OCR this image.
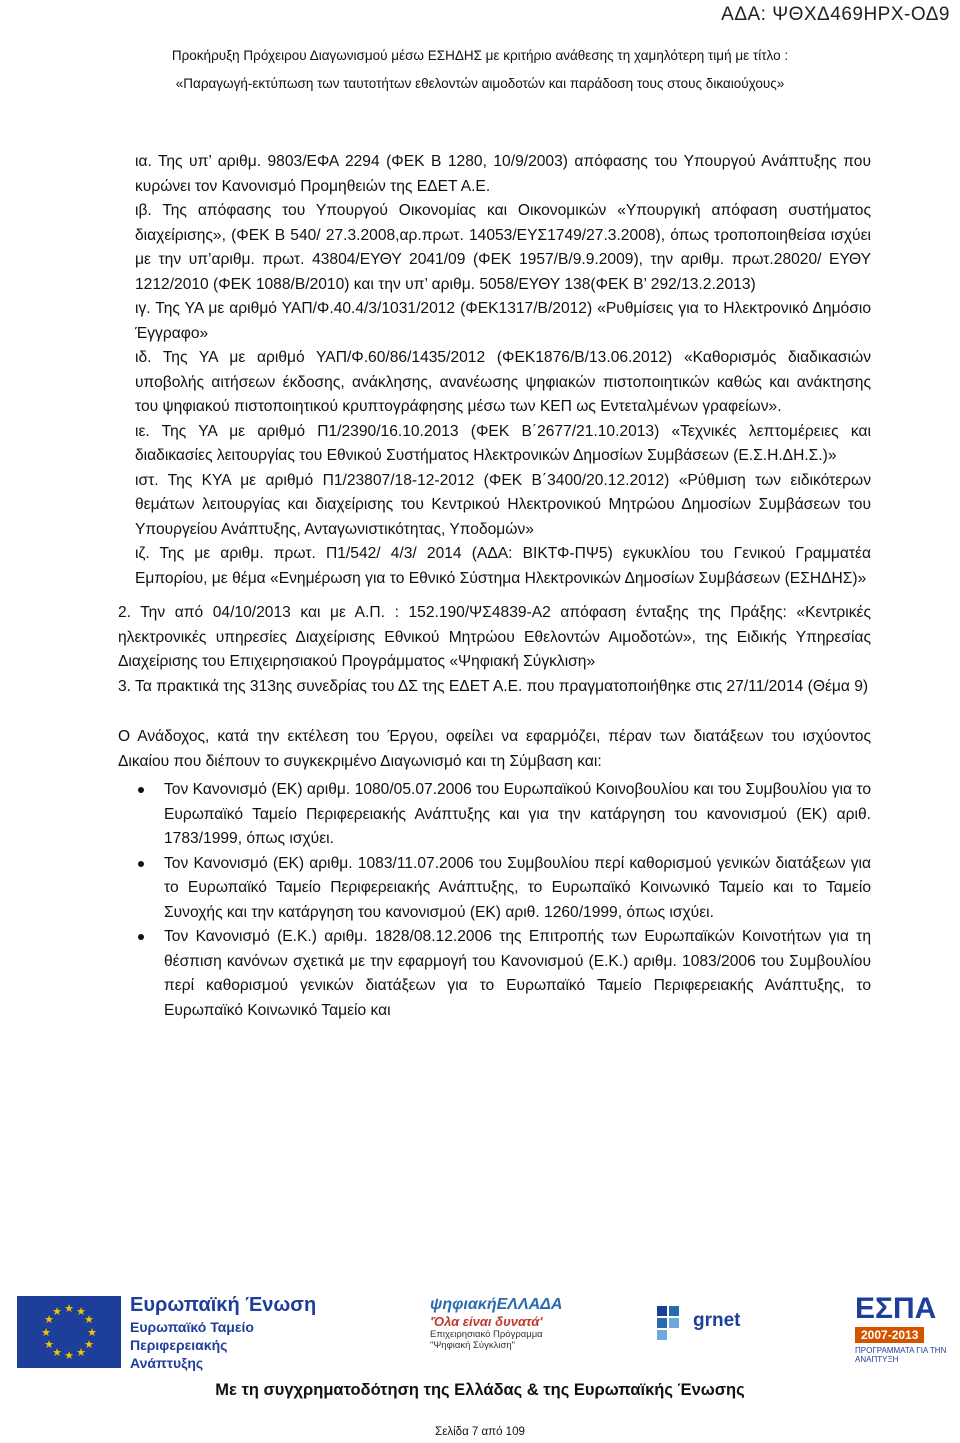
ΑΔΑ: ΨΘΧΔ469ΗΡΧ-ΟΔ9
Προκήρυξη Πρόχειρου Διαγωνισμού μέσω ΕΣΗΔΗΣ με κριτήριο ανάθεσης τη χαμηλότερη τιμή με τίτλο :
«Παραγωγή-εκτύπωση των ταυτοτήτων εθελοντών αιμοδοτών και παράδοση τους στους δικαιούχους»

ια. Της υπ’ αριθμ. 9803/ΕΦΑ 2294 (ΦΕΚ Β 1280, 10/9/2003) απόφασης του Υπουργού Ανάπτυξης που κυρώνει τον Κανονισμό Προμηθειών της ΕΔΕΤ Α.Ε.

ιβ. Της απόφασης του Υπουργού Οικονομίας και Οικονομικών «Υπουργική απόφαση συστήματος διαχείρισης», (ΦΕΚ Β 540/ 27.3.2008,αρ.πρωτ. 14053/ΕΥΣ1749/27.3.2008), όπως τροποποιηθείσα ισχύει με την υπ’αριθμ. πρωτ. 43804/ΕΥΘΥ 2041/09 (ΦΕΚ 1957/Β/9.9.2009), την αριθμ. πρωτ.28020/ ΕΥΘΥ 1212/2010 (ΦΕΚ 1088/Β/2010) και την υπ’ αριθμ. 5058/ΕΥΘΥ 138(ΦΕΚ Β’ 292/13.2.2013)

ιγ. Της ΥΑ με αριθμό ΥΑΠ/Φ.40.4/3/1031/2012 (ΦΕΚ1317/Β/2012) «Ρυθμίσεις για το Ηλεκτρονικό Δημόσιο Έγγραφο»

ιδ. Της ΥΑ με αριθμό ΥΑΠ/Φ.60/86/1435/2012 (ΦΕΚ1876/Β/13.06.2012) «Καθορισμός διαδικασιών υποβολής αιτήσεων έκδοσης, ανάκλησης, ανανέωσης ψηφιακών πιστοποιητικών καθώς και ανάκτησης του ψηφιακού πιστοποιητικού κρυπτογράφησης μέσω των ΚΕΠ ως Εντεταλμένων γραφείων».

ιε. Της ΥΑ με αριθμό Π1/2390/16.10.2013 (ΦΕΚ Β΄2677/21.10.2013) «Τεχνικές λεπτομέρειες και διαδικασίες λειτουργίας του Εθνικού Συστήματος Ηλεκτρονικών Δημοσίων Συμβάσεων (Ε.Σ.Η.ΔΗ.Σ.)»

ιστ. Της ΚΥΑ με αριθμό Π1/23807/18-12-2012 (ΦΕΚ Β΄3400/20.12.2012) «Ρύθμιση των ειδικότερων θεμάτων λειτουργίας και διαχείρισης του Κεντρικού Ηλεκτρονικού Μητρώου Δημοσίων Συμβάσεων του Υπουργείου Ανάπτυξης, Ανταγωνιστικότητας, Υποδομών»

ιζ. Της με αριθμ. πρωτ. Π1/542/ 4/3/ 2014 (ΑΔΑ: ΒΙΚΤΦ-ΠΨ5) εγκυκλίου του Γενικού Γραμματέα Εμπορίου, με θέμα «Ενημέρωση για το Εθνικό Σύστημα Ηλεκτρονικών Δημοσίων Συμβάσεων (ΕΣΗΔΗΣ)»

2. Την από 04/10/2013 και με Α.Π. : 152.190/ΨΣ4839-Α2 απόφαση ένταξης της Πράξης: «Κεντρικές ηλεκτρονικές υπηρεσίες Διαχείρισης Εθνικού Μητρώου Εθελοντών Αιμοδοτών», της Ειδικής Υπηρεσίας Διαχείρισης του Επιχειρησιακού Προγράμματος «Ψηφιακή Σύγκλιση»

3. Τα πρακτικά της 313ης συνεδρίας του ΔΣ της ΕΔΕΤ Α.Ε. που πραγματοποιήθηκε στις 27/11/2014 (Θέμα 9)

Ο Ανάδοχος, κατά την εκτέλεση του Έργου, οφείλει να εφαρμόζει, πέραν των διατάξεων του ισχύοντος Δικαίου που διέπουν το συγκεκριμένο Διαγωνισμό και τη Σύμβαση και:

Τον Κανονισμό (ΕΚ) αριθμ. 1080/05.07.2006 του Ευρωπαϊκού Κοινοβουλίου και του Συμβουλίου για το Ευρωπαϊκό Ταμείο Περιφερειακής Ανάπτυξης και για την κατάργηση του κανονισμού (ΕΚ) αριθ. 1783/1999, όπως ισχύει.
Τον Κανονισμό (ΕΚ) αριθμ. 1083/11.07.2006 του Συμβουλίου περί καθορισμού γενικών διατάξεων για το Ευρωπαϊκό Ταμείο Περιφερειακής Ανάπτυξης, το Ευρωπαϊκό Κοινωνικό Ταμείο και το Ταμείο Συνοχής και την κατάργηση του κανονισμού (ΕΚ) αριθ. 1260/1999, όπως ισχύει.
Τον Κανονισμό (Ε.Κ.) αριθμ. 1828/08.12.2006 της Επιτροπής των Ευρωπαϊκών Κοινοτήτων για τη θέσπιση κανόνων σχετικά με την εφαρμογή του Κανονισμού (Ε.Κ.) αριθμ. 1083/2006 του Συμβουλίου περί καθορισμού γενικών διατάξεων για το Ευρωπαϊκό Ταμείο Περιφερειακής Ανάπτυξης, το Ευρωπαϊκό Κοινωνικό Ταμείο και
★ ★
★
★
★
★
★
★
★
★
★
★	Ευρωπαϊκή Ένωση
Ευρωπαϊκό Ταμείο
Περιφερειακής
Ανάπτυξης
ψηφιακήΕΛΛΑΔΑ
'Όλα είναι δυνατά'
Επιχειρησιακό Πρόγραμμα
"Ψηφιακή Σύγκλιση"
grnet	ΕΣΠΑ
2007-2013
ΠΡΟΓΡΑΜΜΑΤΑ ΓΙΑ ΤΗΝ ΑΝΑΠΤΥΞΗ
Με τη συγχρηματοδότηση της Ελλάδας & της Ευρωπαϊκής Ένωσης
Σελίδα 7 από 109
